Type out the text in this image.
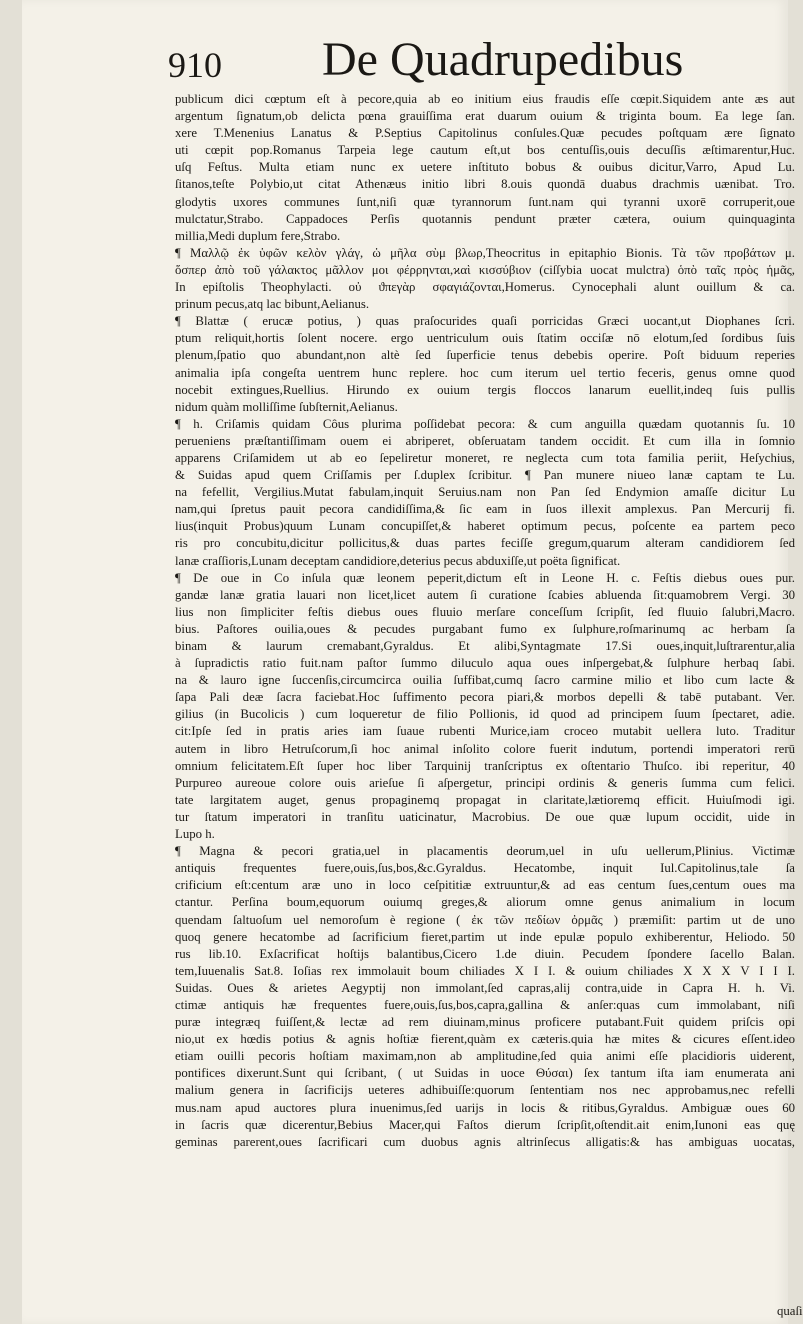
910 De Quadrupedibus
publicum dici cœptum eſt à pecore,quia ab eo initium eius fraudis eſſe cœpit.Siquidem ante æs aut
argentum ſignatum,ob delicta pœna grauiſſima erat duarum ouium & triginta boum. Ea lege ſan.
xere T.Menenius Lanatus & P.Septius Capitolinus conſules.Quæ pecudes poſtquam ære ſignato
uti cœpit pop.Romanus Tarpeia lege cautum eſt,ut bos centuſſis,ouis decuſſis æſtimarentur,Huc.
uſq Feſtus. Multa etiam nunc ex uetere inſtituto bobus & ouibus dicitur,Varro, Apud Lu.
ſitanos,teſte Polybio,ut citat Athenæus initio libri 8.ouis quondā duabus drachmis uænibat. Tro.
glodytis uxores communes ſunt,niſi quæ tyrannorum ſunt.nam qui tyranni uxorē corruperit,oue
mulctatur,Strabo. Cappadoces Perſis quotannis pendunt præter cætera, ouium quinquaginta
millia,Medi duplum fere,Strabo.
¶ Μαλλῷ ἐκ ὑφῶν κελὸν γλάγ, ὡ μῆλα σὺμ βλωρ,Theocritus in epitaphio Bionis. Τὰ τῶν προβάτων μ.
ὅσπερ ἀπὸ τοῦ γάλακτος μᾶλλον μοι φέρρηνται,ϰαὶ κισσύβιον (ciſſybia uocat mulctra) ὁπὸ ταῖς πρὸς ἡμᾶς,
In epiſtolis Theophylacti. οὐ ϑπεγὰρ σφαγιάζονται,Homerus. Cynocephali alunt ouillum & ca.
prinum pecus,atq lac bibunt,Aelianus.
¶ Blattæ ( erucæ potius, ) quas praſocurides quaſi porricidas Græci uocant,ut Diophanes ſcri.
ptum reliquit,hortis ſolent nocere. ergo uentriculum ouis ſtatim occiſæ nō elotum,ſed ſordibus ſuis
plenum,ſpatio quo abundant,non altè ſed ſuperficie tenus debebis operire. Poſt biduum reperies
animalia ipſa congeſta uentrem hunc replere. hoc cum iterum uel tertio feceris, genus omne quod
nocebit extingues,Ruellius. Hirundo ex ouium tergis floccos lanarum euellit,indeq ſuis pullis
nidum quàm molliſſime ſubſternit,Aelianus.
¶ h. Criſamis quidam Côus plurima poſſidebat pecora: & cum anguilla quædam quotannis ſu. 10
perueniens præſtantiſſimam ouem ei abriperet, obſeruatam tandem occidit. Et cum illa in ſomnio
apparens Criſamidem ut ab eo ſepeliretur moneret, re neglecta cum tota familia periit, Heſychius,
& Suidas apud quem Criſſamis per ſ.duplex ſcribitur. ¶ Pan munere niueo lanæ captam te Lu.
na fefellit, Vergilius.Mutat fabulam,inquit Seruius.nam non Pan ſed Endymion amaſſe dicitur Lu
nam,qui ſpretus pauit pecora candidiſſima,& ſic eam in ſuos illexit amplexus. Pan Mercurij fi.
lius(inquit Probus)quum Lunam concupiſſet,& haberet optimum pecus, poſcente ea partem peco
ris pro concubitu,dicitur pollicitus,& duas partes feciſſe gregum,quarum alteram candidiorem ſed
lanæ craſſioris,Lunam deceptam candidiore,deterius pecus abduxiſſe,ut poëta ſignificat.
¶ De oue in Co inſula quæ leonem peperit,dictum eſt in Leone H. c. Feſtis diebus oues pur.
gandæ lanæ gratia lauari non licet,licet autem ſi curatione ſcabies abluenda ſit:quamobrem Vergi. 30
lius non ſimpliciter feſtis diebus oues fluuio merſare conceſſum ſcripſit, ſed fluuio ſalubri,Macro.
bius. Paſtores ouilia,oues & pecudes purgabant fumo ex ſulphure,roſmarinumq ac herbam ſa
binam & laurum cremabant,Gyraldus. Et alibi,Syntagmate 17.Si oues,inquit,luſtrarentur,alia
à ſupradictis ratio fuit.nam paſtor ſummo diluculo aqua oues inſpergebat,& ſulphure herbaq ſabi.
na & lauro igne ſuccenſis,circumcirca ouilia ſuffibat,cumq ſacro carmine milio et libo cum lacte &
ſapa Pali deæ ſacra faciebat.Hoc ſuffimento pecora piari,& morbos depelli & tabē putabant. Ver.
gilius (in Bucolicis ) cum loqueretur de filio Pollionis, id quod ad principem ſuum ſpectaret, adie.
cit:Ipſe ſed in pratis aries iam ſuaue rubenti Murice,iam croceo mutabit uellera luto. Traditur
autem in libro Hetruſcorum,ſi hoc animal inſolito colore fuerit indutum, portendi imperatori rerū
omnium felicitatem.Eſt ſuper hoc liber Tarquinij tranſcriptus ex oſtentario Thuſco. ibi reperitur, 40
Purpureo aureoue colore ouis arieſue ſi aſpergetur, principi ordinis & generis ſumma cum felici.
tate largitatem auget, genus propaginemq propagat in claritate,lætioremq efficit. Huiuſmodi igi.
tur ſtatum imperatori in tranſitu uaticinatur, Macrobius. De oue quæ lupum occidit, uide in
Lupo h.
¶ Magna & pecori gratia,uel in placamentis deorum,uel in uſu uellerum,Plinius. Victimæ
antiquis frequentes fuere,ouis,ſus,bos,&c.Gyraldus. Hecatombe, inquit Iul.Capitolinus,tale ſa
crificium eſt:centum aræ uno in loco ceſpititiæ extruuntur,& ad eas centum ſues,centum oues ma
ctantur. Perſina boum,equorum ouiumq greges,& aliorum omne genus animalium in locum
quendam ſaltuoſum uel nemoroſum è regione ( ἐκ τῶν πεδίων ὀρμᾶς ) præmiſit: partim ut de uno
quoq genere hecatombe ad ſacrificium fieret,partim ut inde epulæ populo exhiberentur, Heliodo. 50
rus lib.10. Exſacrificat hoſtijs balantibus,Cicero 1.de diuin. Pecudem ſpondere ſacello Balan.
tem,Iuuenalis Sat.8. Ioſias rex immolauit boum chiliades X I I. & ouium chiliades X X X V I I I.
Suidas. Oues & arietes Aegyptij non immolant,ſed capras,alij contra,uide in Capra H. h. Vi.
ctimæ antiquis hæ frequentes fuere,ouis,ſus,bos,capra,gallina & anſer:quas cum immolabant, niſi
puræ integræq fuiſſent,& lectæ ad rem diuinam,minus proficere putabant.Fuit quidem priſcis opi
nio,ut ex hœdis potius & agnis hoſtiæ fierent,quàm ex cæteris.quia hæ mites & cicures eſſent.ideo
etiam ouilli pecoris hoſtiam maximam,non ab amplitudine,ſed quia animi eſſe placidioris uiderent,
pontifices dixerunt.Sunt qui ſcribant, ( ut Suidas in uoce Θύσαι) ſex tantum iſta iam enumerata ani
malium genera in ſacrificijs ueteres adhibuiſſe:quorum ſententiam nos nec approbamus,nec refelli
mus.nam apud auctores plura inuenimus,ſed uarijs in locis & ritibus,Gyraldus. Ambiguæ oues 60
in ſacris quæ dicerentur,Bebius Macer,qui Faſtos dierum ſcripſit,oſtendit.ait enim,Iunoni eas quę
geminas parerent,oues ſacrificari cum duobus agnis altrinſecus alligatis:& has ambiguas uocatas,
quaſi
